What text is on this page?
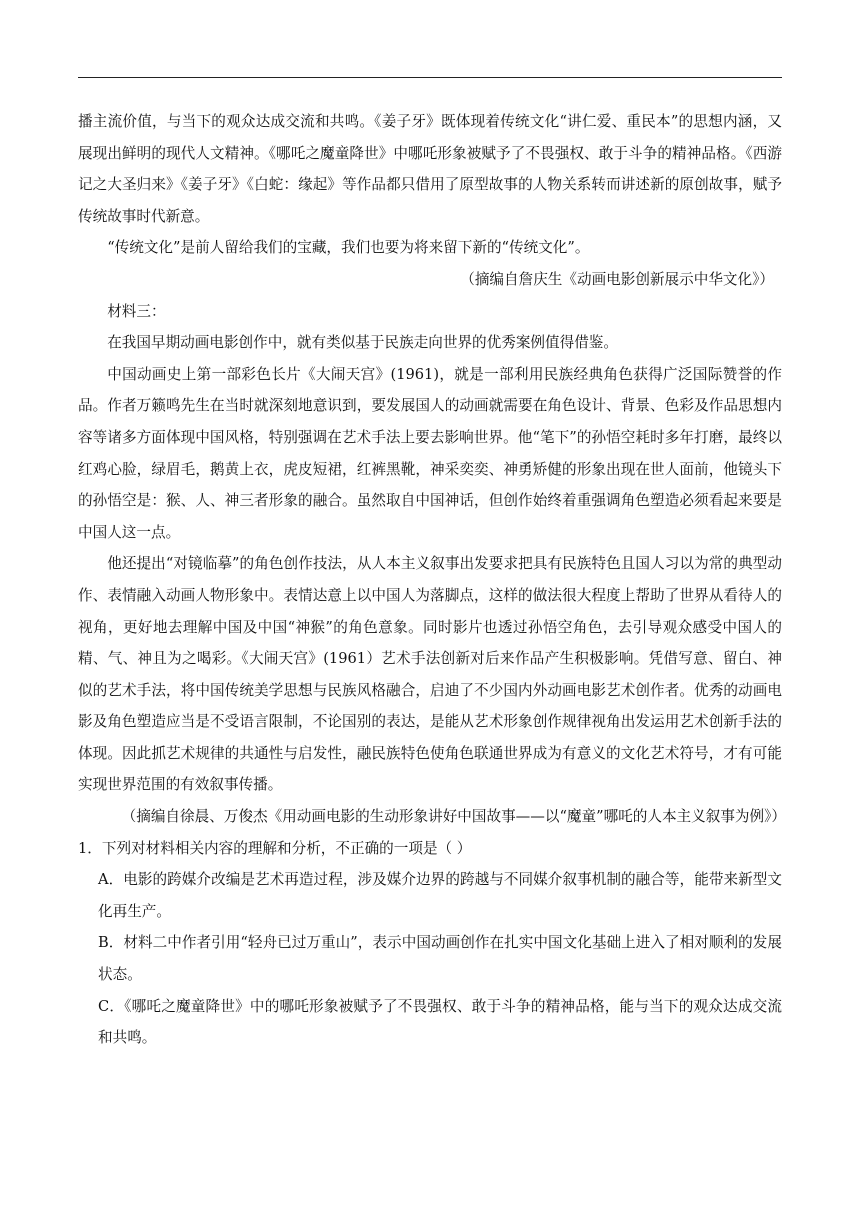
播主流价值，与当下的观众达成交流和共鸣。《姜子牙》既体现着传统文化“讲仁爱、重民本”的思想内涵，又展现出鲜明的现代人文精神。《哪吒之魔童降世》中哪吒形象被赋予了不畏强权、敢于斗争的精神品格。《西游记之大圣归来》《姜子牙》《白蛇：缘起》等作品都只借用了原型故事的人物关系转而讲述新的原创故事，赋予传统故事时代新意。

“传统文化”是前人留给我们的宝藏，我们也要为将来留下新的“传统文化”。

（摘编自詹庆生《动画电影创新展示中华文化》）

材料三：

在我国早期动画电影创作中，就有类似基于民族走向世界的优秀案例值得借鉴。

中国动画史上第一部彩色长片《大闹天宫》(1961)，就是一部利用民族经典角色获得广泛国际赞誉的作品。作者万籁鸣先生在当时就深刻地意识到，要发展国人的动画就需要在角色设计、背景、色彩及作品思想内容等诸多方面体现中国风格，特别强调在艺术手法上要去影响世界。他“笔下”的孙悟空耗时多年打磨，最终以红鸡心脸，绿眉毛，鹅黄上衣，虎皮短裙，红裤黑靴，神采奕奕、神勇矫健的形象出现在世人面前，他镜头下的孙悟空是：猴、人、神三者形象的融合。虽然取自中国神话，但创作始终着重强调角色塑造必须看起来要是中国人这一点。

他还提出“对镜临摹”的角色创作技法，从人本主义叙事出发要求把具有民族特色且国人习以为常的典型动作、表情融入动画人物形象中。表情达意上以中国人为落脚点，这样的做法很大程度上帮助了世界从看待人的视角，更好地去理解中国及中国“神猴”的角色意象。同时影片也透过孙悟空角色，去引导观众感受中国人的精、气、神且为之喝彩。《大闹天宫》(1961）艺术手法创新对后来作品产生积极影响。凭借写意、留白、神似的艺术手法，将中国传统美学思想与民族风格融合，启迪了不少国内外动画电影艺术创作者。优秀的动画电影及角色塑造应当是不受语言限制，不论国别的表达，是能从艺术形象创作规律视角出发运用艺术创新手法的体现。因此抓艺术规律的共通性与启发性，融民族特色使角色联通世界成为有意义的文化艺术符号，才有可能实现世界范围的有效叙事传播。

（摘编自徐晨、万俊杰《用动画电影的生动形象讲好中国故事——以“魔童”哪吒的人本主义叙事为例》）

1．下列对材料相关内容的理解和分析，不正确的一项是（ ）

A．电影的跨媒介改编是艺术再造过程，涉及媒介边界的跨越与不同媒介叙事机制的融合等，能带来新型文化再生产。

B．材料二中作者引用“轻舟已过万重山”，表示中国动画创作在扎实中国文化基础上进入了相对顺利的发展状态。

C．《哪吒之魔童降世》中的哪吒形象被赋予了不畏强权、敢于斗争的精神品格，能与当下的观众达成交流和共鸣。
